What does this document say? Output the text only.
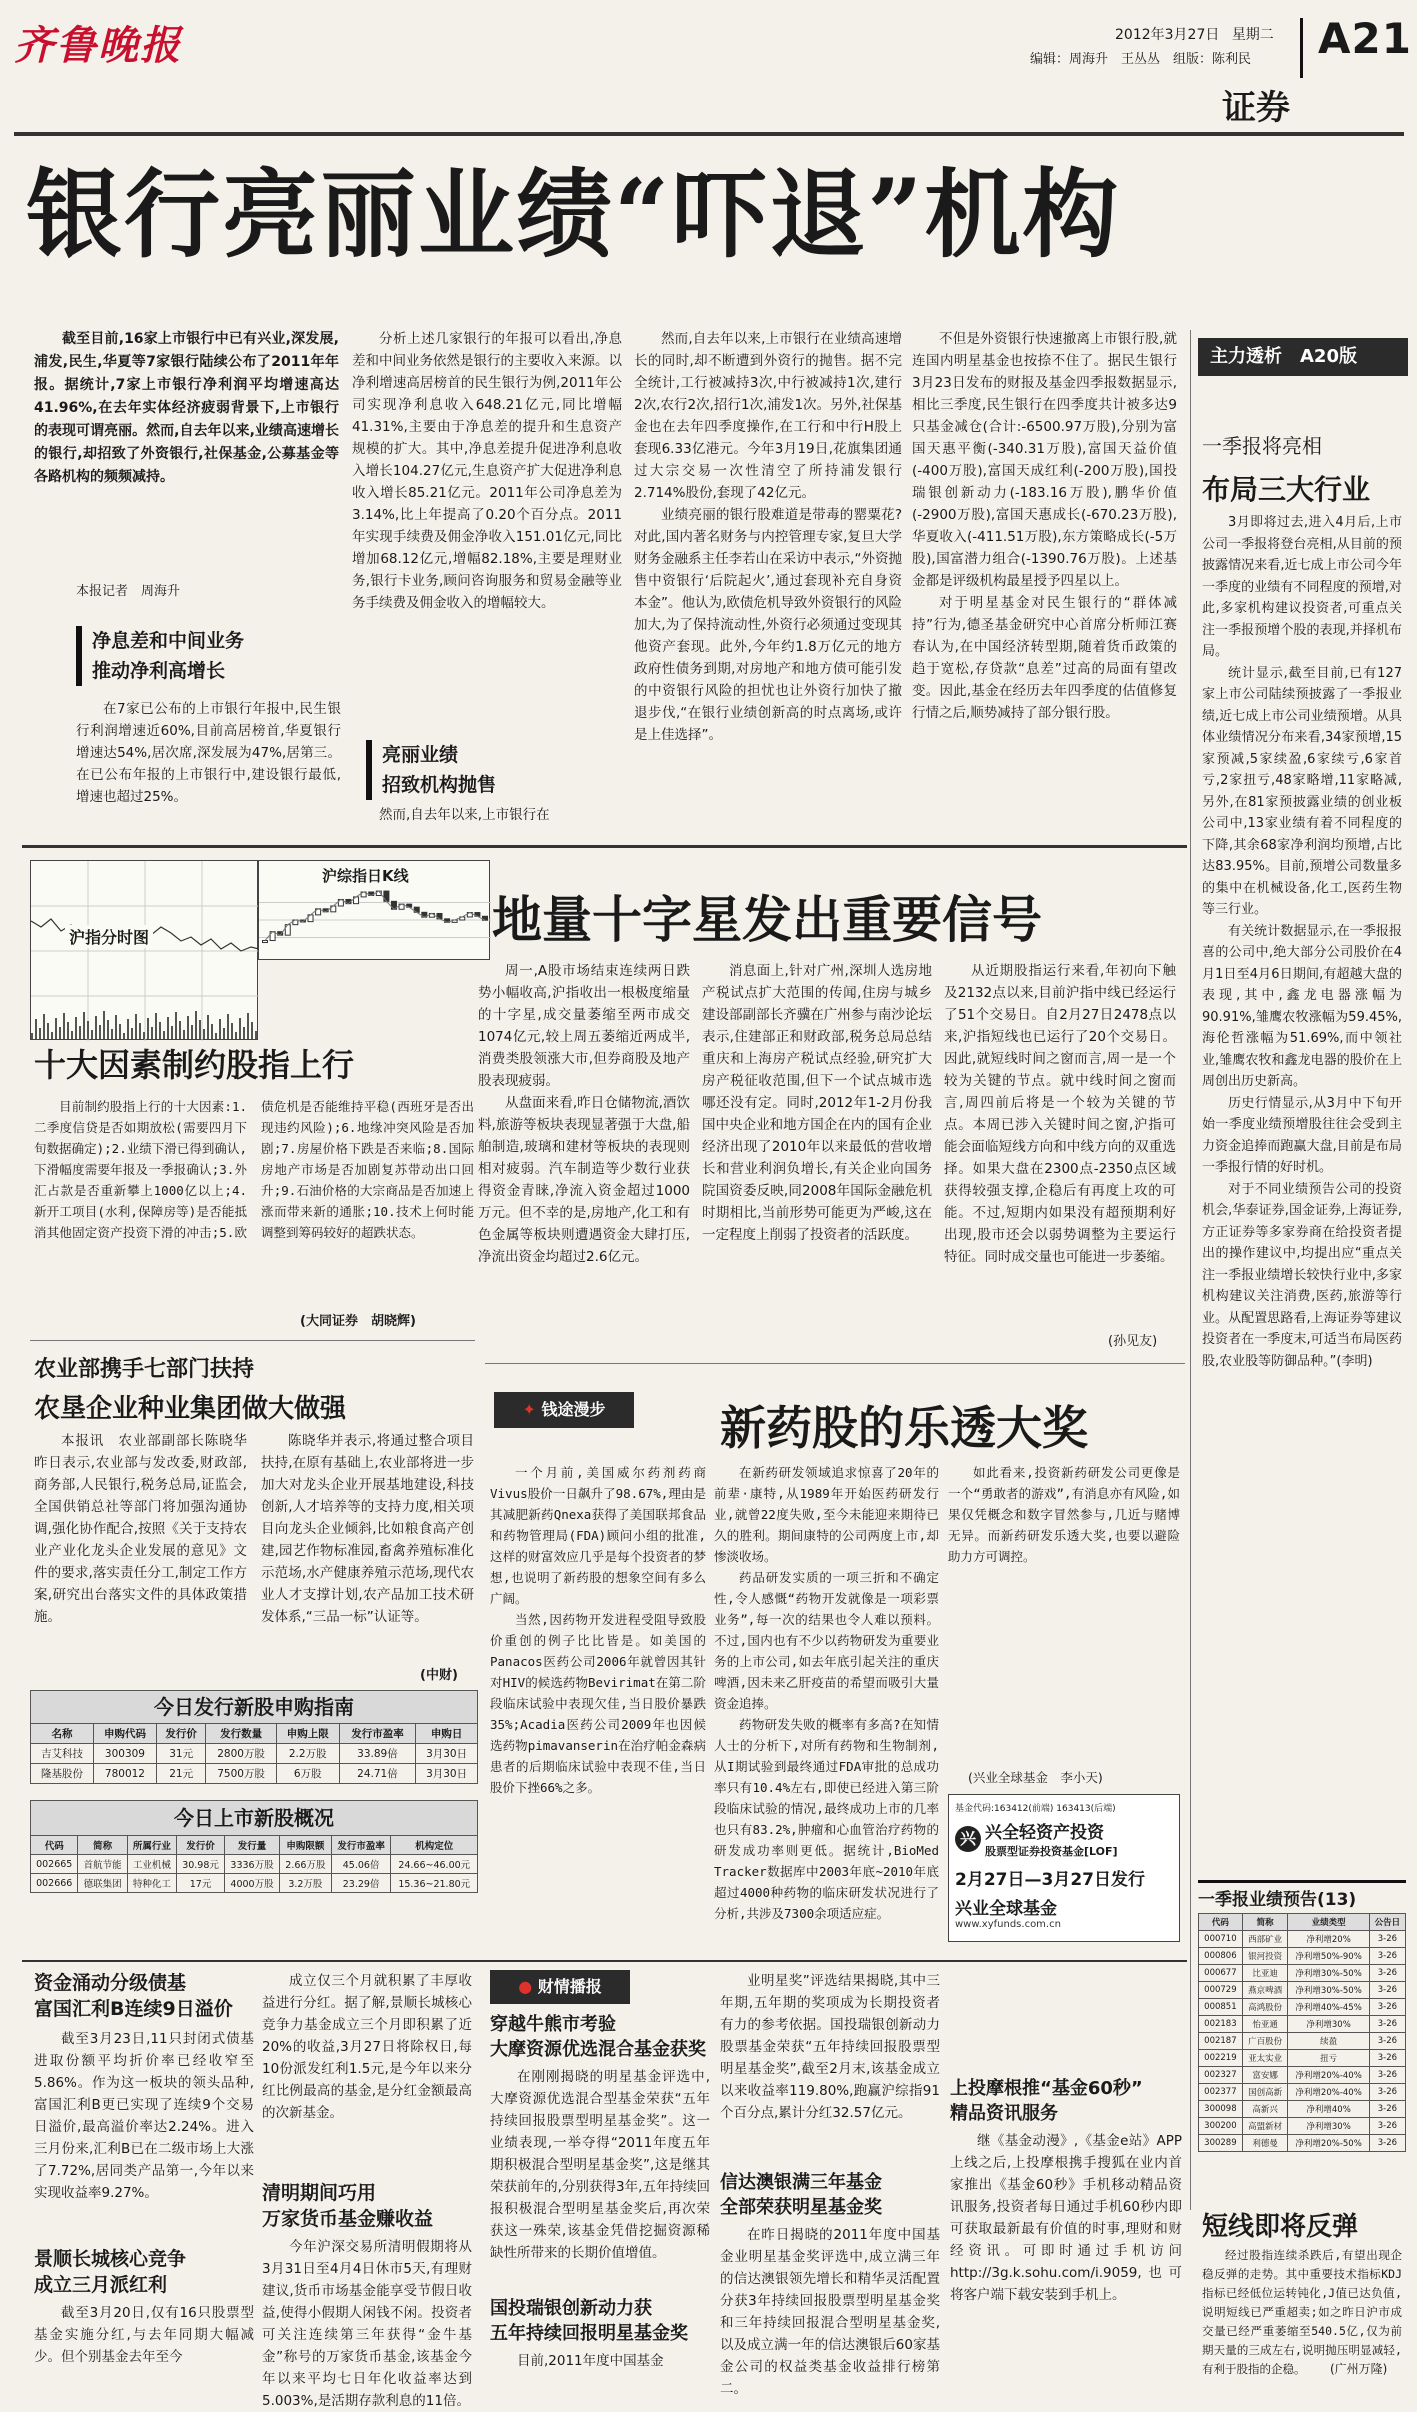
齐鲁晚报	2012年3月27日 星期二
编辑：周海升　王丛丛　组版：陈利民 A21
证券
银行亮丽业绩“吓退”机构

截至目前,16家上市银行中已有兴业,深发展,浦发,民生,华夏等7家银行陆续公布了2011年年报。据统计,7家上市银行净利润平均增速高达41.96%,在去年实体经济疲弱背景下,上市银行的表现可谓亮丽。然而,自去年以来,业绩高速增长的银行,却招致了外资银行,社保基金,公募基金等各路机构的频频减持。

本报记者　周海升
净息差和中间业务
推动净利高增长

在7家已公布的上市银行年报中,民生银行利润增速近60%,目前高居榜首,华夏银行增速达54%,居次席,深发展为47%,居第三。在已公布年报的上市银行中,建设银行最低,增速也超过25%。

分析上述几家银行的年报可以看出,净息差和中间业务依然是银行的主要收入来源。以净利增速高居榜首的民生银行为例,2011年公司实现净利息收入648.21亿元,同比增幅41.31%,主要由于净息差的提升和生息资产规模的扩大。其中,净息差提升促进净利息收入增长104.27亿元,生息资产扩大促进净利息收入增长85.21亿元。2011年公司净息差为3.14%,比上年提高了0.20个百分点。2011年实现手续费及佣金净收入151.01亿元,同比增加68.12亿元,增幅82.18%,主要是理财业务,银行卡业务,顾问咨询服务和贸易金融等业务手续费及佣金收入的增幅较大。

亮丽业绩
招致机构抛售

然而,自去年以来,上市银行在

然而,自去年以来,上市银行在业绩高速增长的同时,却不断遭到外资行的抛售。据不完全统计,工行被减持3次,中行被减持1次,建行2次,农行2次,招行1次,浦发1次。另外,社保基金也在去年四季度操作,在工行和中行H股上套现6.33亿港元。今年3月19日,花旗集团通过大宗交易一次性清空了所持浦发银行2.714%股份,套现了42亿元。

业绩亮丽的银行股难道是带毒的罂粟花?对此,国内著名财务与内控管理专家,复旦大学财务金融系主任李若山在采访中表示,“外资抛售中资银行‘后院起火’,通过套现补充自身资本金”。他认为,欧债危机导致外资银行的风险加大,为了保持流动性,外资行必须通过变现其他资产套现。此外,今年约1.8万亿元的地方政府性债务到期,对房地产和地方债可能引发的中资银行风险的担忧也让外资行加快了撤退步伐,“在银行业绩创新高的时点离场,或许是上佳选择”。

不但是外资银行快速撤离上市银行股,就连国内明星基金也按捺不住了。据民生银行3月23日发布的财报及基金四季报数据显示,相比三季度,民生银行在四季度共计被多达9只基金减仓(合计:-6500.97万股),分别为富国天惠平衡(-340.31万股),富国天益价值(-400万股),富国天成红利(-200万股),国投瑞银创新动力(-183.16万股),鹏华价值(-2900万股),富国天惠成长(-670.23万股),华夏收入(-411.51万股),东方策略成长(-5万股),国富潜力组合(-1390.76万股)。上述基金都是评级机构最星授予四星以上。

对于明星基金对民生银行的“群体减持”行为,德圣基金研究中心首席分析师江赛春认为,在中国经济转型期,随着货币政策的趋于宽松,存贷款“息差”过高的局面有望改变。因此,基金在经历去年四季度的估值修复行情之后,顺势减持了部分银行股。

主力透析　A20版
一季报将亮相
布局三大行业

3月即将过去,进入4月后,上市公司一季报将登台亮相,从目前的预披露情况来看,近七成上市公司今年一季度的业绩有不同程度的预增,对此,多家机构建议投资者,可重点关注一季报预增个股的表现,并择机布局。

统计显示,截至目前,已有127家上市公司陆续预披露了一季报业绩,近七成上市公司业绩预增。从具体业绩情况分布来看,34家预增,15家预减,5家续盈,6家续亏,6家首亏,2家扭亏,48家略增,11家略减,另外,在81家预披露业绩的创业板公司中,13家业绩有着不同程度的下降,其余68家净利润均预增,占比达83.95%。目前,预增公司数量多的集中在机械设备,化工,医药生物等三行业。

有关统计数据显示,在一季报报喜的公司中,绝大部分公司股价在4月1日至4月6日期间,有超越大盘的表现,其中,鑫龙电器涨幅为90.91%,雏鹰农牧涨幅为59.45%,海伦哲涨幅为51.69%,而中领社业,雏鹰农牧和鑫龙电器的股价在上周创出历史新高。

历史行情显示,从3月中下旬开始一季度业绩预增股往往会受到主力资金追捧而跑赢大盘,目前是布局一季报行情的好时机。

对于不同业绩预告公司的投资机会,华泰证券,国金证券,上海证券,方正证券等多家券商在给投资者提出的操作建议中,均提出应“重点关注一季报业绩增长较快行业中,多家机构建议关注消费,医药,旅游等行业。从配置思路看,上海证券等建议投资者在一季度末,可适当布局医药股,农业股等防御品种。”(李明)

沪指分时图
沪综指日K线
地量十字星发出重要信号

周一,A股市场结束连续两日跌势小幅收高,沪指收出一根极度缩量的十字星,成交量萎缩至两市成交1074亿元,较上周五萎缩近两成半,消费类股领涨大市,但券商股及地产股表现疲弱。

从盘面来看,昨日仓储物流,酒饮料,旅游等板块表现显著强于大盘,船舶制造,玻璃和建材等板块的表现则相对疲弱。汽车制造等少数行业获得资金青睐,净流入资金超过1000万元。但不幸的是,房地产,化工和有色金属等板块则遭遇资金大肆打压,净流出资金均超过2.6亿元。

消息面上,针对广州,深圳人选房地产税试点扩大范围的传闻,住房与城乡建设部副部长齐骥在广州参与南沙论坛表示,住建部正和财政部,税务总局总结重庆和上海房产税试点经验,研究扩大房产税征收范围,但下一个试点城市选哪还没有定。同时,2012年1-2月份我国中央企业和地方国企在内的国有企业经济出现了2010年以来最低的营收增长和营业利润负增长,有关企业向国务院国资委反映,同2008年国际金融危机时期相比,当前形势可能更为严峻,这在一定程度上削弱了投资者的活跃度。

从近期股指运行来看,年初向下触及2132点以来,目前沪指中线已经运行了51个交易日。自2月27日2478点以来,沪指短线也已运行了20个交易日。因此,就短线时间之窗而言,周一是一个较为关键的节点。就中线时间之窗而言,周四前后将是一个较为关键的节点。本周已涉入关键时间之窗,沪指可能会面临短线方向和中线方向的双重选择。如果大盘在2300点-2350点区域获得较强支撑,企稳后有再度上攻的可能。不过,短期内如果没有超预期利好出现,股市还会以弱势调整为主要运行特征。同时成交量也可能进一步萎缩。

(孙见友)
十大因素制约股指上行

目前制约股指上行的十大因素:1.二季度信贷是否如期放松(需要四月下旬数据确定);2.业绩下滑已得到确认,下滑幅度需要年报及一季报确认;3.外汇占款是否重新攀上1000亿以上;4.新开工项目(水利,保障房等)是否能抵消其他固定资产投资下滑的冲击;5.欧债危机是否能维持平稳(西班牙是否出现违约风险);6.地缘冲突风险是否加剧;7.房屋价格下跌是否来临;8.国际房地产市场是否加剧复苏带动出口回升;9.石油价格的大宗商品是否加速上涨而带来新的通胀;10.技术上何时能调整到筹码较好的超跌状态。

(大同证券　胡晓辉)
农业部携手七部门扶持
农垦企业种业集团做大做强

本报讯　农业部副部长陈晓华昨日表示,农业部与发改委,财政部,商务部,人民银行,税务总局,证监会,全国供销总社等部门将加强沟通协调,强化协作配合,按照《关于支持农业产业化龙头企业发展的意见》文件的要求,落实责任分工,制定工作方案,研究出台落实文件的具体政策措施。

陈晓华并表示,将通过整合项目扶持,在原有基础上,农业部将进一步加大对龙头企业开展基地建设,科技创新,人才培养等的支持力度,相关项目向龙头企业倾斜,比如粮食高产创建,园艺作物标准园,畜禽养殖标准化示范场,水产健康养殖示范场,现代农业人才支撑计划,农产品加工技术研发体系,“三品一标”认证等。

(中财)
今日发行新股申购指南
名称	申购代码	发行价	发行数量	申购上限	发行市盈率	申购日
吉艾科技	300309	31元	2800万股	2.2万股	33.89倍	3月30日
隆基股份	780012	21元	7500万股	6万股	24.71倍	3月30日
今日上市新股概况
代码	简称	所属行业	发行价	发行量	申购限额	发行市盈率	机构定位
002665	首航节能	工业机械	30.98元	3336万股	2.66万股	45.06倍	24.66~46.00元
002666	德联集团	特种化工	17元	4000万股	3.2万股	23.29倍	15.36~21.80元
✦ 钱途漫步	新药股的乐透大奖

一个月前,美国威尔药剂药商Vivus股价一日飙升了98.67%,理由是其减肥新药Qnexa获得了美国联邦食品和药物管理局(FDA)顾问小组的批准,这样的财富效应几乎是每个投资者的梦想,也说明了新药股的想象空间有多么广阔。

当然,因药物开发进程受阻导致股价重创的例子比比皆是。如美国的Panacos医药公司2006年就曾因其针对HIV的候选药物Bevirimat在第二阶段临床试验中表现欠佳,当日股价暴跌35%;Acadia医药公司2009年也因候选药物pimavanserin在治疗帕金森病患者的后期临床试验中表现不佳,当日股价下挫66%之多。

在新药研发领域追求惊喜了20年的前辈·康特,从1989年开始医药研发行业,就曾22度失败,至今未能迎来期待已久的胜利。期间康特的公司两度上市,却惨淡收场。

药品研发实质的一项三折和不确定性,令人感慨“药物开发就像是一项彩票业务”,每一次的结果也令人难以预料。不过,国内也有不少以药物研发为重要业务的上市公司,如去年底引起关注的重庆啤酒,因未来乙肝疫苗的希望而吸引大量资金追捧。

药物研发失败的概率有多高?在知情人士的分析下,对所有药物和生物制剂,从I期试验到最终通过FDA审批的总成功率只有10.4%左右,即使已经进入第三阶段临床试验的情况,最终成功上市的几率也只有83.2%,肿瘤和心血管治疗药物的研发成功率则更低。据统计,BioMed Tracker数据库中2003年底~2010年底超过4000种药物的临床研发状况进行了分析,共涉及7300余项适应症。

如此看来,投资新药研发公司更像是一个“勇敢者的游戏”,有消息亦有风险,如果仅凭概念和数字冒然参与,几近与赌博无异。而新药研发乐透大奖,也要以避险助力方可调控。

(兴业全球基金　李小天)
基金代码:163412(前端) 163413(后端)
兴 兴全轻资产投资
股票型证券投资基金[LOF]
2月27日—3月27日发行
兴业全球基金
www.xyfunds.com.cn
一季报业绩预告(13)
代码	简称	业绩类型	公告日
000710	西部矿业	净利增20%	3-26
000806	银河投资	净利增50%-90%	3-26
000677	比亚迪	净利增30%-50%	3-26
000729	燕京啤酒	净利增30%-50%	3-26
000851	高鸿股份	净利增40%-45%	3-26
002183	怡亚通	净利增30%	3-26
002187	广百股份	续盈	3-26
002219	亚太实业	扭亏	3-26
002327	富安娜	净利增20%-40%	3-26
002377	国创高新	净利增20%-40%	3-26
300098	高新兴	净利增40%	3-26
300200	高盟新材	净利增30%	3-26
300289	利德曼	净利增20%-50%	3-26
短线即将反弹

经过股指连续杀跌后,有望出现企稳反弹的走势。其中重要技术指标KDJ指标已经低位运转钝化,J值已达负值,说明短线已严重超卖;如之昨日沪市成交量已经严重萎缩至540.5亿,仅为前期天量的三成左右,说明抛压明显减轻,有利于股指的企稳。	(广州万隆)
资金涌动分级债基
富国汇利B连续9日溢价

截至3月23日,11只封闭式债基进取份额平均折价率已经收窄至5.86%。作为这一板块的领头品种,富国汇利B更已实现了连续9个交易日溢价,最高溢价率达2.24%。进入三月份来,汇利B已在二级市场上大涨了7.72%,居同类产品第一,今年以来实现收益率9.27%。

景顺长城核心竞争
成立三月派红利

截至3月20日,仅有16只股票型基金实施分红,与去年同期大幅减少。但个别基金去年至今

成立仅三个月就积累了丰厚收益进行分红。据了解,景顺长城核心竞争力基金成立三个月即积累了近20%的收益,3月27日将除权日,每10份派发红利1.5元,是今年以来分红比例最高的基金,是分红金额最高的次新基金。

清明期间巧用
万家货币基金赚收益

今年沪深交易所清明假期将从3月31日至4月4日休市5天,有理财建议,货币市场基金能享受节假日收益,使得小假期人闲钱不闲。投资者可关注连续第三年获得“金牛基金”称号的万家货币基金,该基金今年以来平均七日年化收益率达到5.003%,是活期存款利息的11倍。

● 财情播报
穿越牛熊市考验
大摩资源优选混合基金获奖

在刚刚揭晓的明星基金评选中,大摩资源优选混合型基金荣获“五年持续回报股票型明星基金奖”。这一业绩表现,一举夺得“2011年度五年期积极混合型明星基金奖”,这是继其荣获前年的,分别获得3年,五年持续回报积极混合型明星基金奖后,再次荣获这一殊荣,该基金凭借挖掘资源稀缺性所带来的长期价值增值。

国投瑞银创新动力获
五年持续回报明星基金奖

目前,2011年度中国基金

业明星奖”评选结果揭晓,其中三年期,五年期的奖项成为长期投资者有力的参考依据。国投瑞银创新动力股票基金荣获“五年持续回报股票型明星基金奖”,截至2月末,该基金成立以来收益率119.80%,跑赢沪综指91个百分点,累计分红32.57亿元。

信达澳银满三年基金
全部荣获明星基金奖

在昨日揭晓的2011年度中国基金业明星基金奖评选中,成立满三年的信达澳银领先增长和精华灵活配置分获3年持续回报股票型明星基金奖和三年持续回报混合型明星基金奖,以及成立满一年的信达澳银后60家基金公司的权益类基金收益排行榜第二。

上投摩根推“基金60秒”
精品资讯服务

继《基金动漫》,《基金e站》APP上线之后,上投摩根携手搜狐在业内首家推出《基金60秒》手机移动精品资讯服务,投资者每日通过手机60秒内即可获取最新最有价值的时事,理财和财经资讯。可即时通过手机访问http://3g.k.sohu.com/i.9059,也可将客户端下载安装到手机上。
